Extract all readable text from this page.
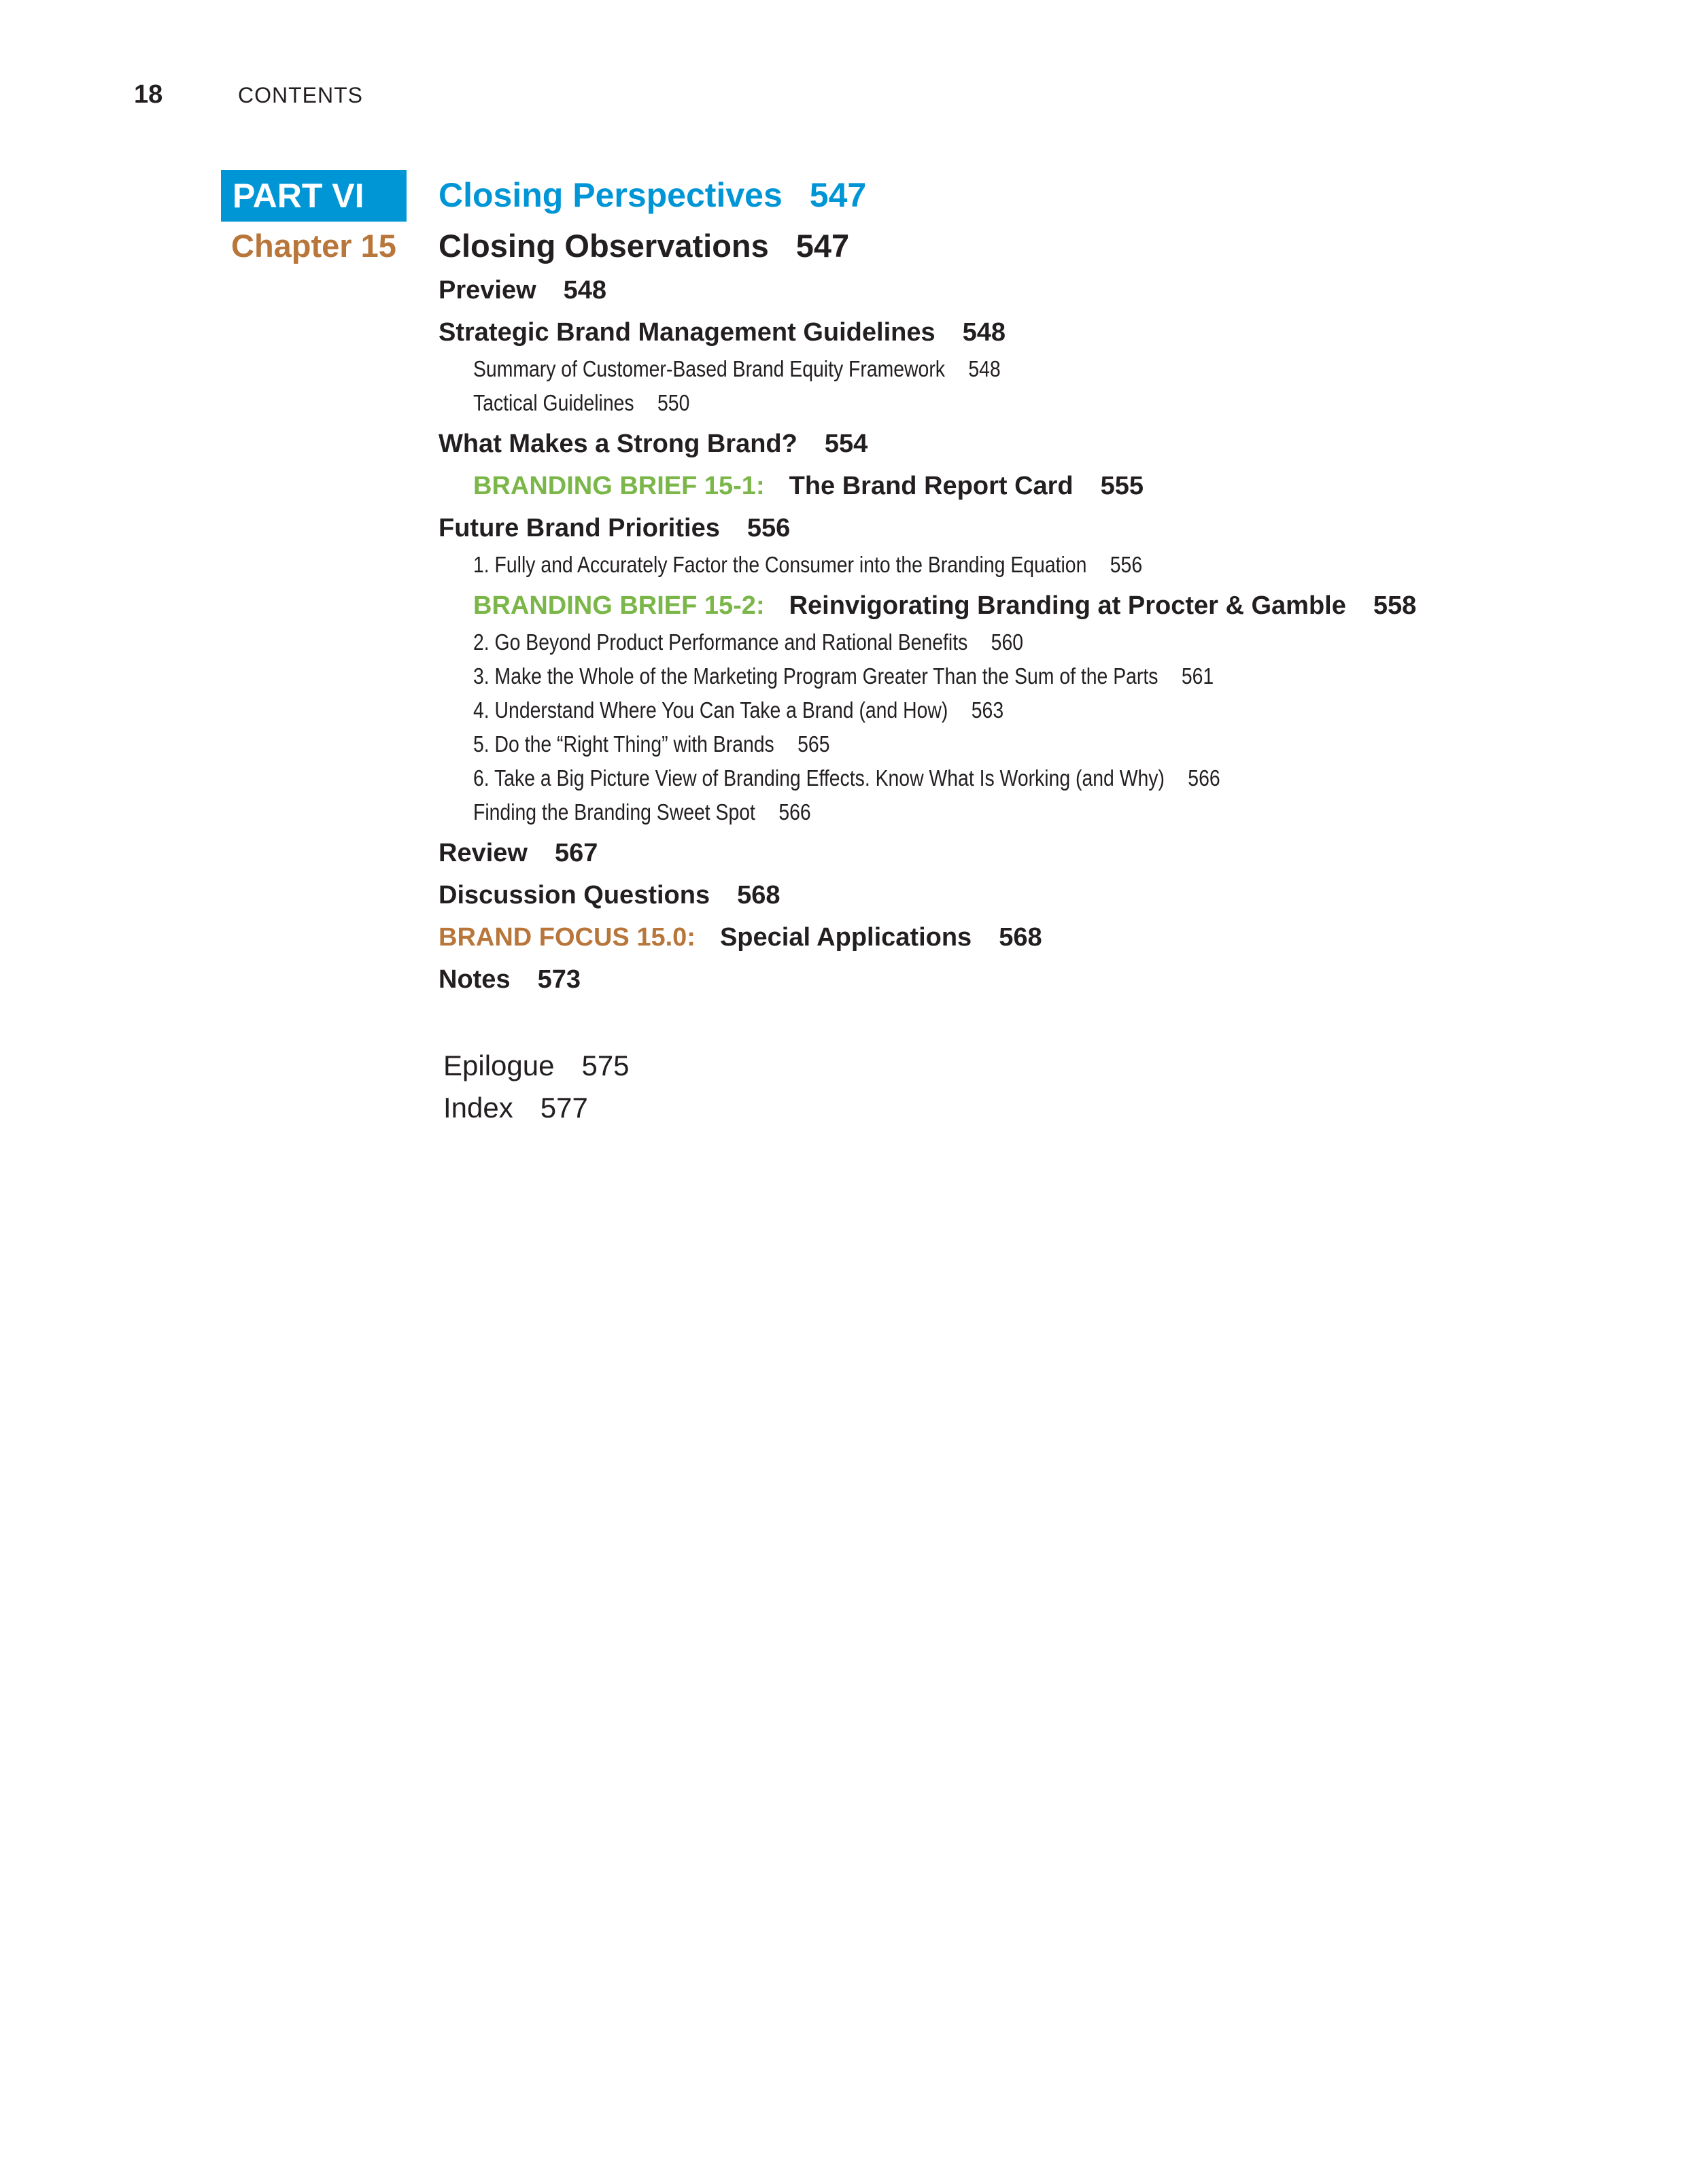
18	CONTENTS
PART VI	Closing Perspectives 547
Chapter 15 Closing Observations 547
Preview 548
Strategic Brand Management Guidelines 548
Summary of Customer-Based Brand Equity Framework 548
Tactical Guidelines 550
What Makes a Strong Brand? 554
BRANDING BRIEF 15-1: The Brand Report Card 555
Future Brand Priorities 556
1. Fully and Accurately Factor the Consumer into the Branding Equation 556
BRANDING BRIEF 15-2: Reinvigorating Branding at Procter & Gamble 558
2. Go Beyond Product Performance and Rational Benefits 560
3. Make the Whole of the Marketing Program Greater Than the Sum of the Parts 561
4. Understand Where You Can Take a Brand (and How) 563
5. Do the “Right Thing” with Brands 565
6. Take a Big Picture View of Branding Effects. Know What Is Working (and Why) 566
Finding the Branding Sweet Spot 566
Review 567
Discussion Questions 568
BRAND FOCUS 15.0: Special Applications 568
Notes 573
Epilogue 575
Index 577
